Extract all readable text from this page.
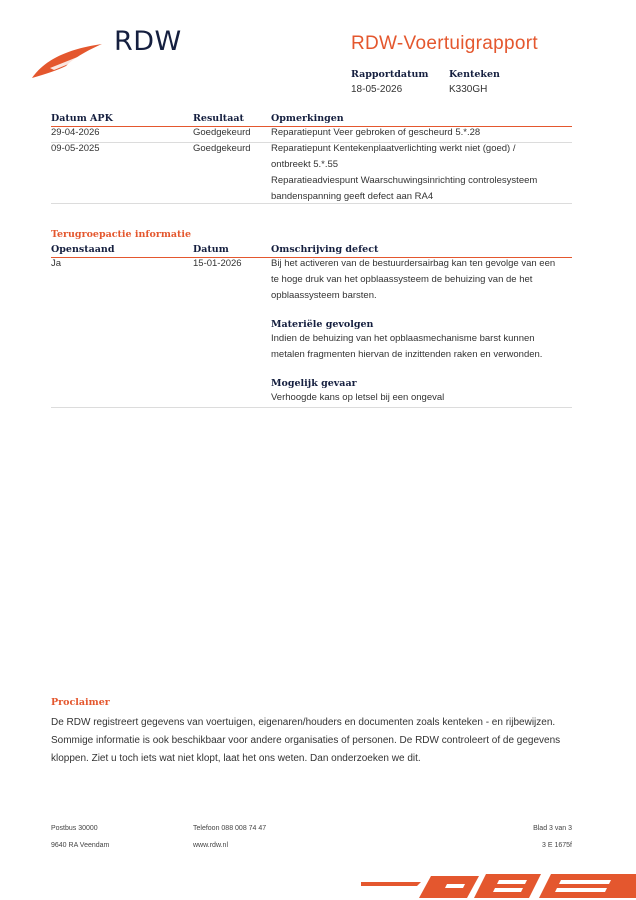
RDW	RDW-Voertuigrapport
Rapportdatum
18-05-2026
Kenteken
K330GH
Datum APK	Resultaat	Opmerkingen
29-04-2026	Goedgekeurd Reparatiepunt Veer gebroken of gescheurd 5.*.28
09-05-2025	Goedgekeurd Reparatiepunt Kentekenplaatverlichting werkt niet (goed) /
ontbreekt 5.*.55
Reparatieadviespunt Waarschuwingsinrichting controlesysteem
bandenspanning geeft defect aan RA4
Terugroepactie informatie
Openstaand	Datum	Omschrijving defect
Ja	15-01-2026	Bij het activeren van de bestuurdersairbag kan ten gevolge van een
te hoge druk van het opblaassysteem de behuizing van de het
opblaassysteem barsten.
Materiële gevolgen
Indien de behuizing van het opblaasmechanisme barst kunnen
metalen fragmenten hiervan de inzittenden raken en verwonden.
Mogelijk gevaar
Verhoogde kans op letsel bij een ongeval
Proclaimer
De RDW registreert gegevens van voertuigen, eigenaren/houders en documenten zoals kenteken - en rijbewijzen. Sommige informatie is ook beschikbaar voor andere organisaties of personen. De RDW controleert of de gegevens kloppen. Ziet u toch iets wat niet klopt, laat het ons weten. Dan onderzoeken we dit.
Postbus 30000
9640 RA Veendam
Telefoon 088 008 74 47
www.rdw.nl
Blad 3 van 3
3 E 1675f
